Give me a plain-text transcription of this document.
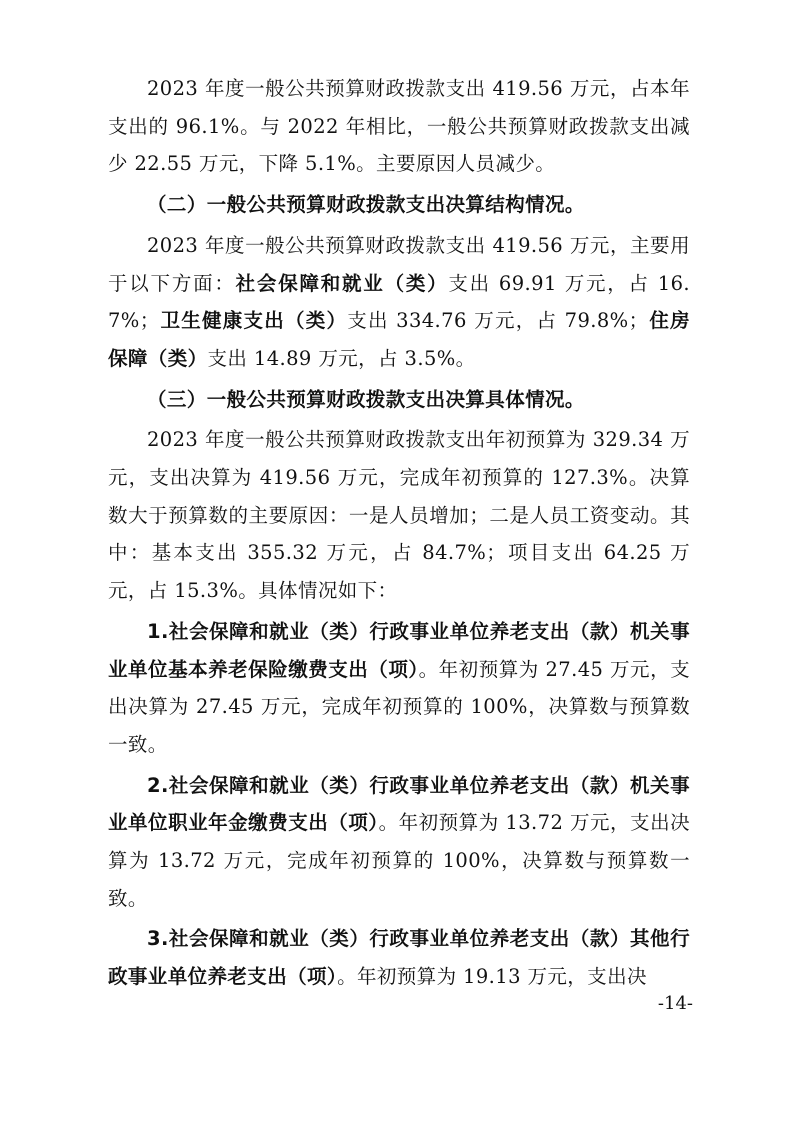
2023 年度一般公共预算财政拨款支出 419.56 万元，占本年支出的 96.1%。与 2022 年相比，一般公共预算财政拨款支出减少 22.55 万元，下降 5.1%。主要原因人员减少。

（二）一般公共预算财政拨款支出决算结构情况。

2023 年度一般公共预算财政拨款支出 419.56 万元，主要用于以下方面：社会保障和就业（类）支出 69.91 万元，占 16.7%；卫生健康支出（类）支出 334.76 万元，占 79.8%；住房保障（类）支出 14.89 万元，占 3.5%。

（三）一般公共预算财政拨款支出决算具体情况。

2023 年度一般公共预算财政拨款支出年初预算为 329.34 万元，支出决算为 419.56 万元，完成年初预算的 127.3%。决算数大于预算数的主要原因：一是人员增加；二是人员工资变动。其中：基本支出 355.32 万元，占 84.7%；项目支出 64.25 万元，占 15.3%。具体情况如下：

1.社会保障和就业（类）行政事业单位养老支出（款）机关事业单位基本养老保险缴费支出（项）。年初预算为 27.45 万元，支出决算为 27.45 万元，完成年初预算的 100%，决算数与预算数一致。

2.社会保障和就业（类）行政事业单位养老支出（款）机关事业单位职业年金缴费支出（项）。年初预算为 13.72 万元，支出决算为 13.72 万元，完成年初预算的 100%，决算数与预算数一致。

3.社会保障和就业（类）行政事业单位养老支出（款）其他行政事业单位养老支出（项）。年初预算为 19.13 万元，支出决

-14-
